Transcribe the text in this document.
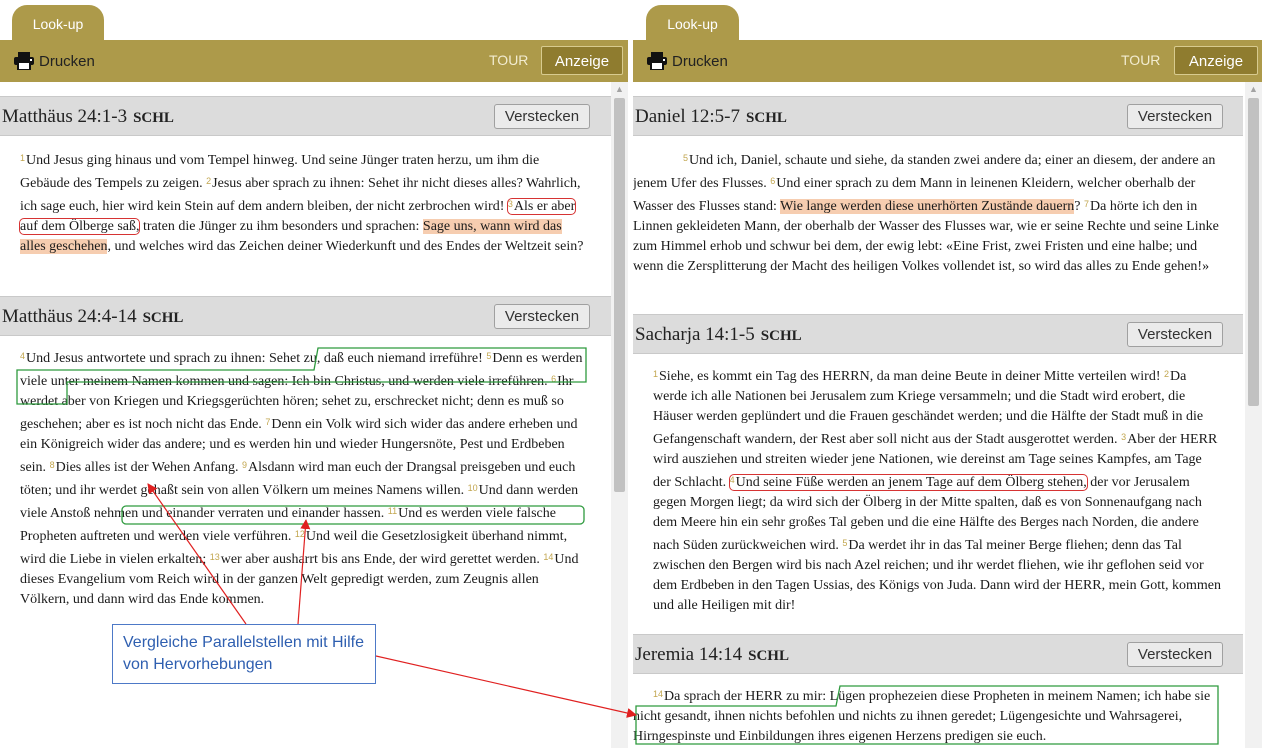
Look-up
Drucken	TOUR	Anzeige
Matthäus 24:1-3 SCHL	Verstecken

$^1$Und Jesus ging hinaus und vom Tempel hinweg. Und seine Jünger traten herzu, um ihm die Gebäude des Tempels zu zeigen. $^2$Jesus aber sprach zu ihnen: Sehet ihr nicht dieses alles? Wahrlich, ich sage euch, hier wird kein Stein auf dem andern bleiben, der nicht zerbrochen wird! $^3$Als er aber auf dem Ölberge saß, traten die Jünger zu ihm besonders und sprachen: Sage uns, wann wird das alles geschehen, und welches wird das Zeichen deiner Wiederkunft und des Endes der Weltzeit sein?

Matthäus 24:4-14 SCHL	Verstecken

$^4$Und Jesus antwortete und sprach zu ihnen: Sehet zu, daß euch niemand irreführe! $^5$Denn es werden viele unter meinem Namen kommen und sagen: Ich bin Christus, und werden viele irreführen. $^6$Ihr werdet aber von Kriegen und Kriegsgerüchten hören; sehet zu, erschrecket nicht; denn es muß so geschehen; aber es ist noch nicht das Ende. $^7$Denn ein Volk wird sich wider das andere erheben und ein Königreich wider das andere; und es werden hin und wieder Hungersnöte, Pest und Erdbeben sein. $^8$Dies alles ist der Wehen Anfang. $^9$Alsdann wird man euch der Drangsal preisgeben und euch töten; und ihr werdet gehaßt sein von allen Völkern um meines Namens willen. $^{10}$Und dann werden viele Anstoß nehmen und einander verraten und einander hassen. $^{11}$Und es werden viele falsche Propheten auftreten und werden viele verführen. $^{12}$Und weil die Gesetzlosigkeit überhand nimmt, wird die Liebe in vielen erkalten; $^{13}$wer aber ausharrt bis ans Ende, der wird gerettet werden. $^{14}$Und dieses Evangelium vom Reich wird in der ganzen Welt gepredigt werden, zum Zeugnis allen Völkern, und dann wird das Ende kommen.

▲
Look-up
Drucken	TOUR	Anzeige
Daniel 12:5-7 SCHL	Verstecken

$^5$Und ich, Daniel, schaute und siehe, da standen zwei andere da; einer an diesem, der andere an jenem Ufer des Flusses. $^6$Und einer sprach zu dem Mann in leinenen Kleidern, welcher oberhalb der Wasser des Flusses stand: Wie lange werden diese unerhörten Zustände dauern? $^7$Da hörte ich den in Linnen gekleideten Mann, der oberhalb der Wasser des Flusses war, wie er seine Rechte und seine Linke zum Himmel erhob und schwur bei dem, der ewig lebt: «Eine Frist, zwei Fristen und eine halbe; und wenn die Zersplitterung der Macht des heiligen Volkes vollendet ist, so wird das alles zu Ende gehen!»

Sacharja 14:1-5 SCHL	Verstecken

$^1$Siehe, es kommt ein Tag des HERRN, da man deine Beute in deiner Mitte verteilen wird! $^2$Da werde ich alle Nationen bei Jerusalem zum Kriege versammeln; und die Stadt wird erobert, die Häuser werden geplündert und die Frauen geschändet werden; und die Hälfte der Stadt muß in die Gefangenschaft wandern, der Rest aber soll nicht aus der Stadt ausgerottet werden. $^3$Aber der HERR wird ausziehen und streiten wieder jene Nationen, wie dereinst am Tage seines Kampfes, am Tage der Schlacht. $^4$Und seine Füße werden an jenem Tage auf dem Ölberg stehen, der vor Jerusalem gegen Morgen liegt; da wird sich der Ölberg in der Mitte spalten, daß es von Sonnenaufgang nach dem Meere hin ein sehr großes Tal geben und die eine Hälfte des Berges nach Norden, die andere nach Süden zurückweichen wird. $^5$Da werdet ihr in das Tal meiner Berge fliehen; denn das Tal zwischen den Bergen wird bis nach Azel reichen; und ihr werdet fliehen, wie ihr geflohen seid vor dem Erdbeben in den Tagen Ussias, des Königs von Juda. Dann wird der HERR, mein Gott, kommen und alle Heiligen mit dir!

Jeremia 14:14 SCHL	Verstecken

$^{14}$Da sprach der HERR zu mir: Lügen prophezeien diese Propheten in meinem Namen; ich habe sie nicht gesandt, ihnen nichts befohlen und nichts zu ihnen geredet; Lügengesichte und Wahrsagerei, Hirngespinste und Einbildungen ihres eigenen Herzens predigen sie euch.

▲
Vergleiche Parallelstellen mit Hilfe von Hervorhebungen
